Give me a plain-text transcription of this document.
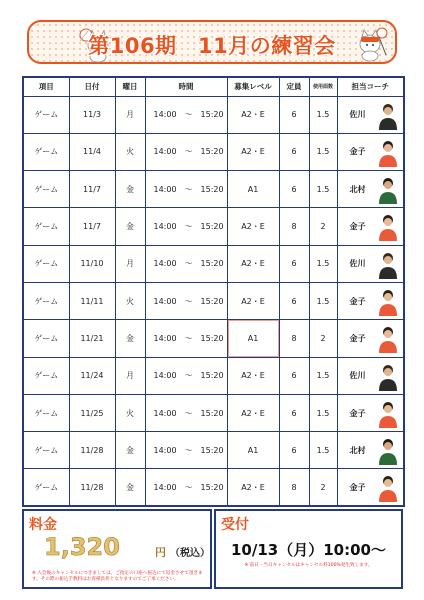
第106期　11月の練習会
項目	日付	曜日	時間	募集レベル	定員	使用面数	担当コーチ
ゲーム	11/3	月	14:00　～　15:20	A2・E	6	1.5	佐川

ゲーム	11/4	火	14:00　～　15:20	A2・E	6	1.5	金子

ゲーム	11/7	金	14:00　～　15:20	A1	6	1.5	北村

ゲーム	11/7	金	14:00　～　15:20	A2・E	8	2	金子

ゲーム	11/10	月	14:00　～　15:20	A2・E	6	1.5	佐川

ゲーム	11/11	火	14:00　～　15:20	A2・E	6	1.5	金子

ゲーム	11/21	金	14:00　～　15:20	A1	8	2	金子

ゲーム	11/24	月	14:00　～　15:20	A2・E	6	1.5	佐川

ゲーム	11/25	火	14:00　～　15:20	A2・E	6	1.5	金子

ゲーム	11/28	金	14:00　～　15:20	A1	6	1.5	北村

ゲーム	11/28	金	14:00　～　15:20	A2・E	8	2	金子
料金
1,320	円 （税込）
※ 入会後のキャンセルにつきましては、ご指定の口座へ振込にて返金させて頂きます。その際の振込手数料はお客様負担となりますのでご了承ください。
受付
10/13（月）10:00～
※ 前日・当日キャンセルはキャンセル料100%発生致します。
